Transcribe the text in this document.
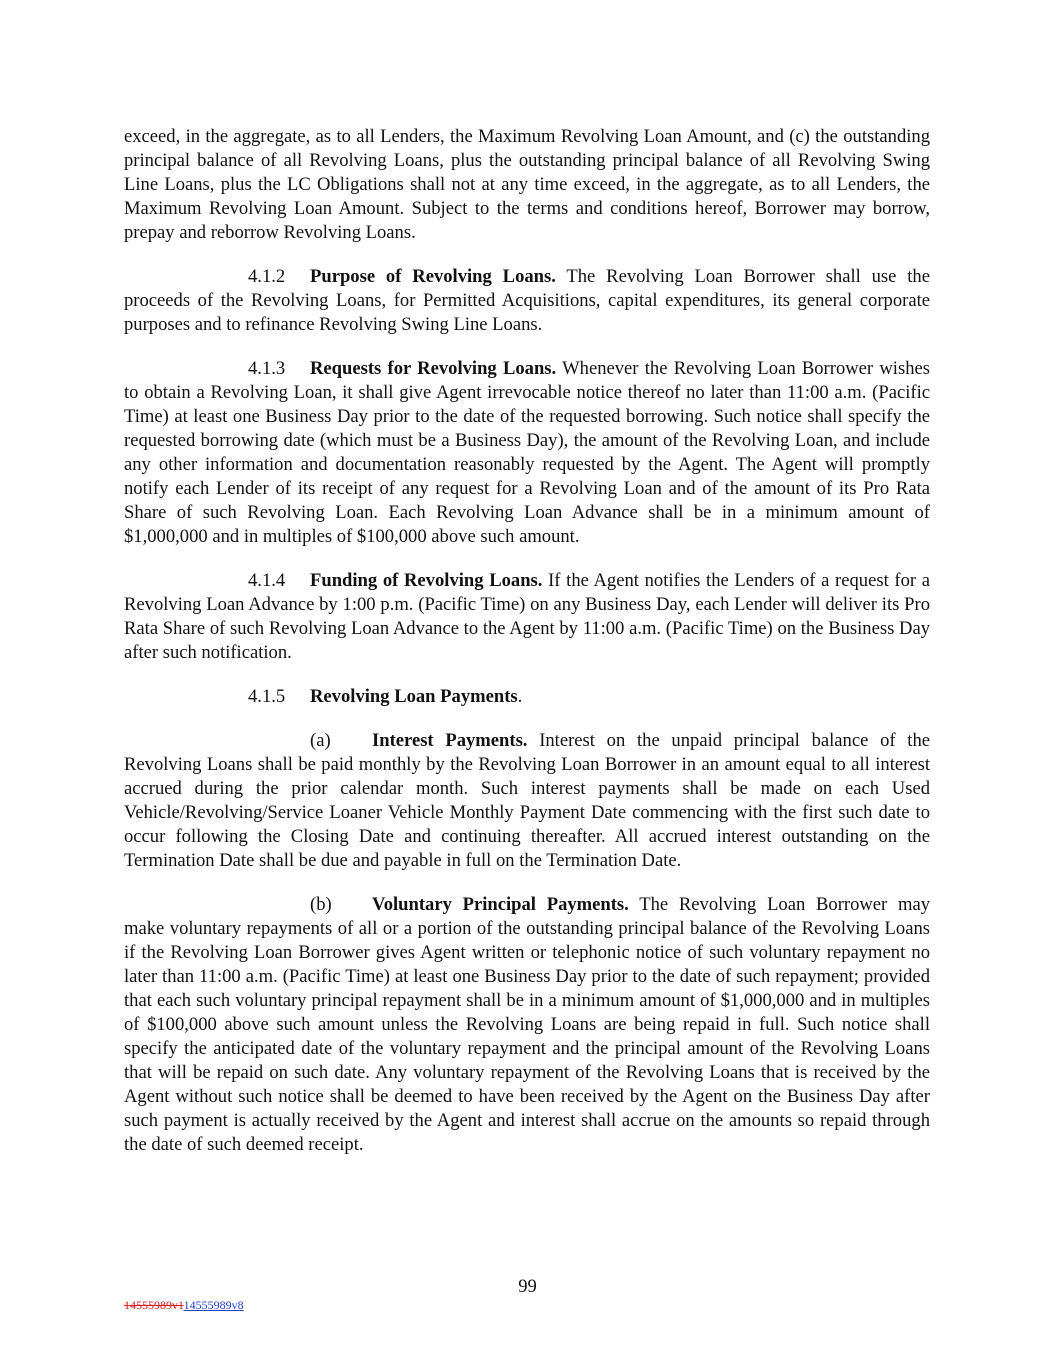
exceed, in the aggregate, as to all Lenders, the Maximum Revolving Loan Amount, and (c) the outstanding principal balance of all Revolving Loans, plus the outstanding principal balance of all Revolving Swing Line Loans, plus the LC Obligations shall not at any time exceed, in the aggregate, as to all Lenders, the Maximum Revolving Loan Amount. Subject to the terms and conditions hereof, Borrower may borrow, prepay and reborrow Revolving Loans.

4.1.2 Purpose of Revolving Loans. The Revolving Loan Borrower shall use the proceeds of the Revolving Loans, for Permitted Acquisitions, capital expenditures, its general corporate purposes and to refinance Revolving Swing Line Loans.

4.1.3 Requests for Revolving Loans. Whenever the Revolving Loan Borrower wishes to obtain a Revolving Loan, it shall give Agent irrevocable notice thereof no later than 11:00 a.m. (Pacific Time) at least one Business Day prior to the date of the requested borrowing. Such notice shall specify the requested borrowing date (which must be a Business Day), the amount of the Revolving Loan, and include any other information and documentation reasonably requested by the Agent. The Agent will promptly notify each Lender of its receipt of any request for a Revolving Loan and of the amount of its Pro Rata Share of such Revolving Loan. Each Revolving Loan Advance shall be in a minimum amount of $1,000,000 and in multiples of $100,000 above such amount.

4.1.4 Funding of Revolving Loans. If the Agent notifies the Lenders of a request for a Revolving Loan Advance by 1:00 p.m. (Pacific Time) on any Business Day, each Lender will deliver its Pro Rata Share of such Revolving Loan Advance to the Agent by 11:00 a.m. (Pacific Time) on the Business Day after such notification.

4.1.5 Revolving Loan Payments.

(a) Interest Payments. Interest on the unpaid principal balance of the Revolving Loans shall be paid monthly by the Revolving Loan Borrower in an amount equal to all interest accrued during the prior calendar month. Such interest payments shall be made on each Used Vehicle/Revolving/Service Loaner Vehicle Monthly Payment Date commencing with the first such date to occur following the Closing Date and continuing thereafter. All accrued interest outstanding on the Termination Date shall be due and payable in full on the Termination Date.

(b) Voluntary Principal Payments. The Revolving Loan Borrower may make voluntary repayments of all or a portion of the outstanding principal balance of the Revolving Loans if the Revolving Loan Borrower gives Agent written or telephonic notice of such voluntary repayment no later than 11:00 a.m. (Pacific Time) at least one Business Day prior to the date of such repayment; provided that each such voluntary principal repayment shall be in a minimum amount of $1,000,000 and in multiples of $100,000 above such amount unless the Revolving Loans are being repaid in full. Such notice shall specify the anticipated date of the voluntary repayment and the principal amount of the Revolving Loans that will be repaid on such date. Any voluntary repayment of the Revolving Loans that is received by the Agent without such notice shall be deemed to have been received by the Agent on the Business Day after such payment is actually received by the Agent and interest shall accrue on the amounts so repaid through the date of such deemed receipt.

99
14555989v114555989v8
